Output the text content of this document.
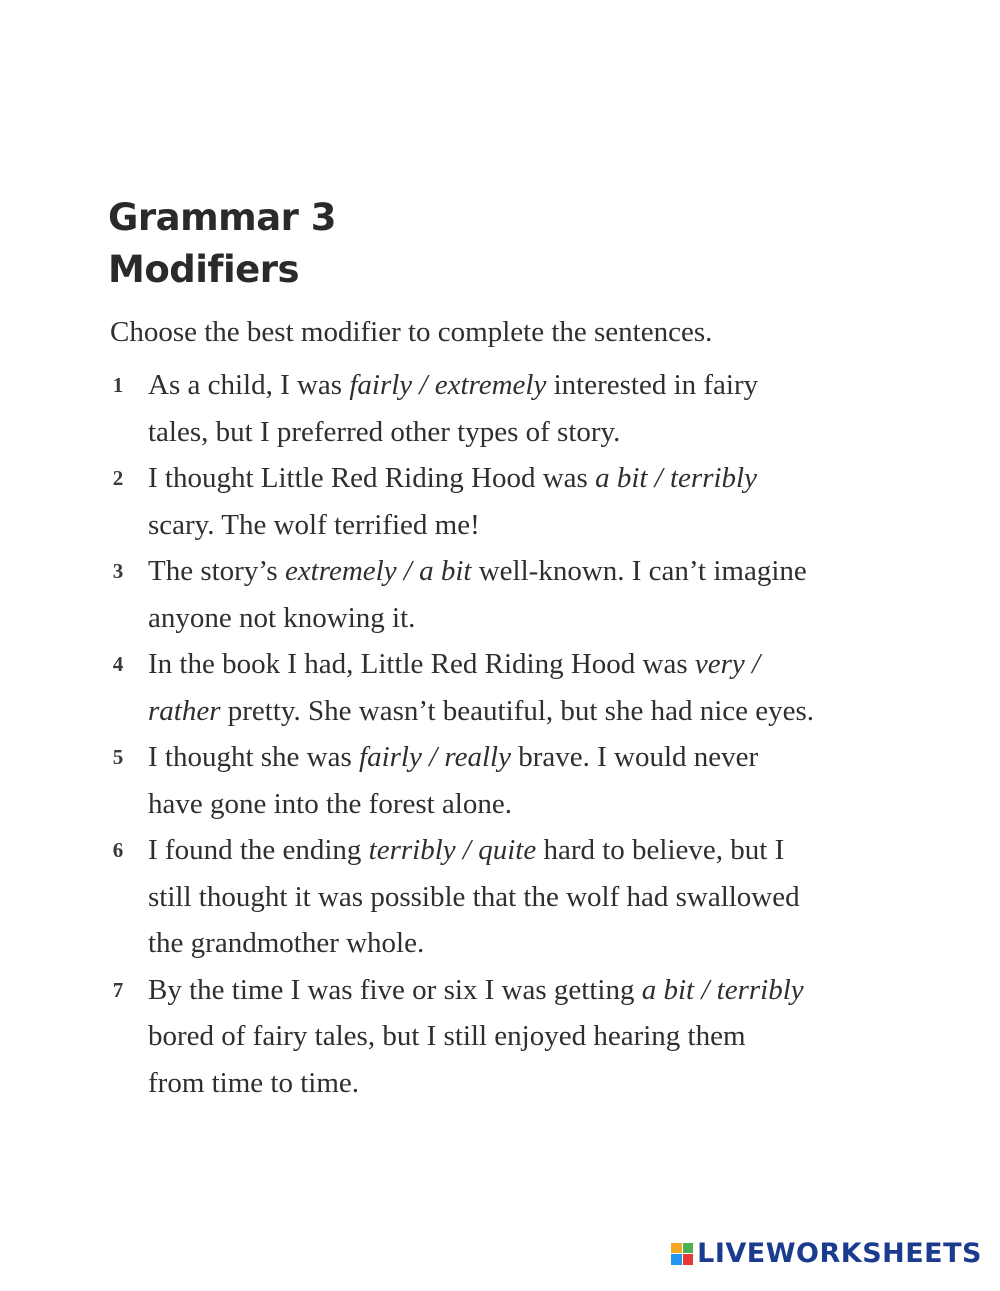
Grammar 3
Modifiers
Choose the best modifier to complete the sentences.
1 As a child, I was fairly / extremely interested in fairy
tales, but I preferred other types of story.
2 I thought Little Red Riding Hood was a bit / terribly
scary. The wolf terrified me!
3 The story’s extremely / a bit well-known. I can’t imagine
anyone not knowing it.
4 In the book I had, Little Red Riding Hood was very /
rather pretty. She wasn’t beautiful, but she had nice eyes.
5 I thought she was fairly / really brave. I would never
have gone into the forest alone.
6 I found the ending terribly / quite hard to believe, but I
still thought it was possible that the wolf had swallowed
the grandmother whole.
7 By the time I was five or six I was getting a bit / terribly
bored of fairy tales, but I still enjoyed hearing them
from time to time.
LIVEWORKSHEETS
